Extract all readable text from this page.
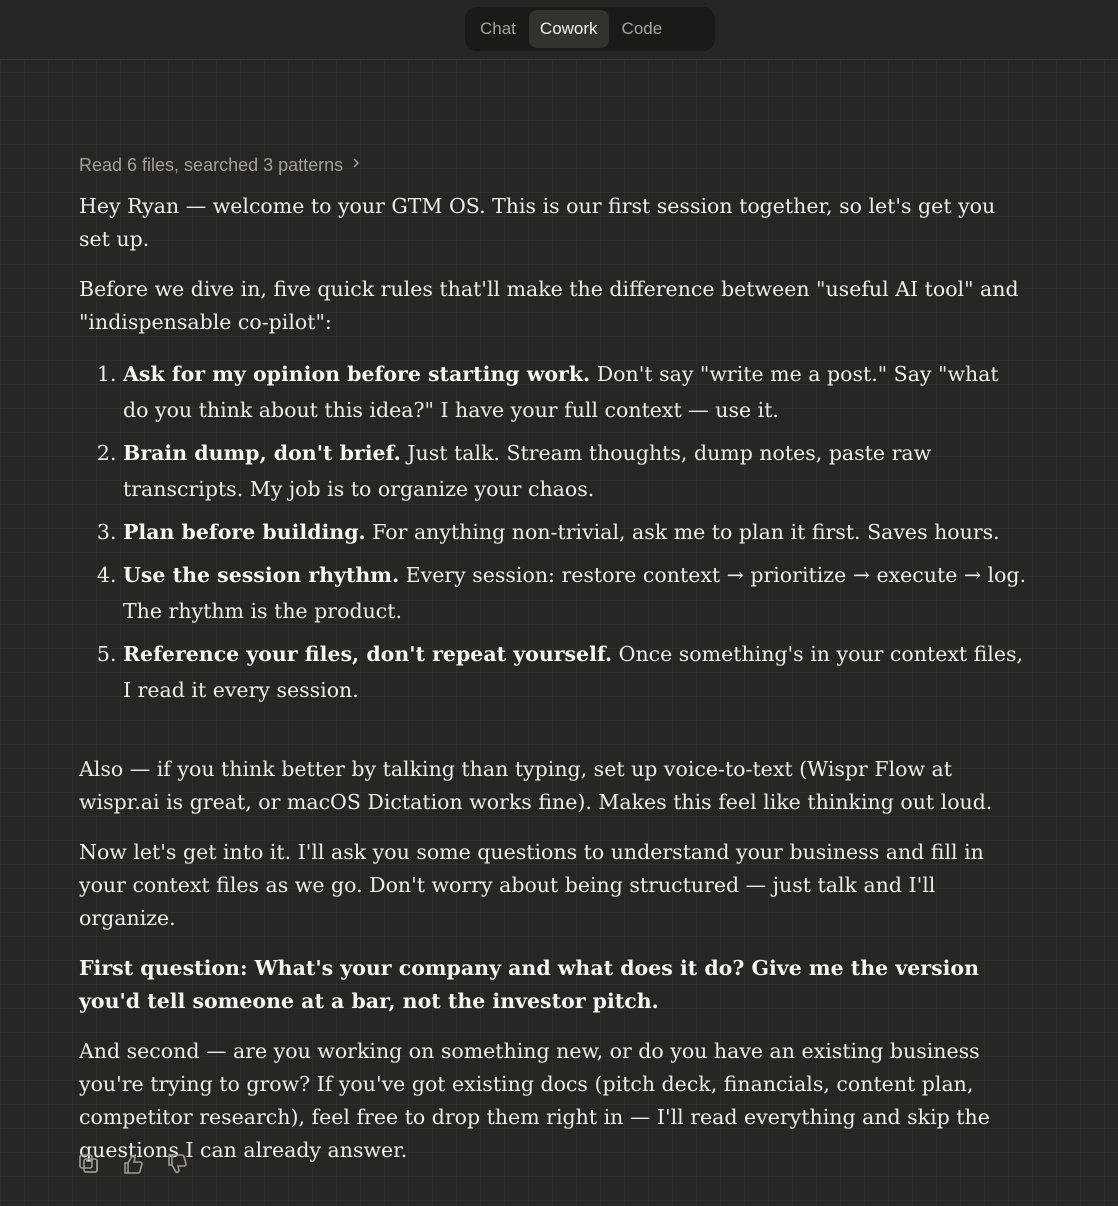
Chat	Cowork	Code
Read 6 files, searched 3 patterns

Hey Ryan — welcome to your GTM OS. This is our first session together, so let's get you set up.

Before we dive in, five quick rules that'll make the difference between "useful AI tool" and "indispensable co-pilot":

1. Ask for my opinion before starting work. Don't say "write me a post." Say "what do you think about this idea?" I have your full context — use it.
2. Brain dump, don't brief. Just talk. Stream thoughts, dump notes, paste raw transcripts. My job is to organize your chaos.
3. Plan before building. For anything non-trivial, ask me to plan it first. Saves hours.
4. Use the session rhythm. Every session: restore context → prioritize → execute → log. The rhythm is the product.
5. Reference your files, don't repeat yourself. Once something's in your context files, I read it every session.

Also — if you think better by talking than typing, set up voice-to-text (Wispr Flow at wispr.ai is great, or macOS Dictation works fine). Makes this feel like thinking out loud.

Now let's get into it. I'll ask you some questions to understand your business and fill in your context files as we go. Don't worry about being structured — just talk and I'll organize.

First question: What's your company and what does it do? Give me the version you'd tell someone at a bar, not the investor pitch.

And second — are you working on something new, or do you have an existing business you're trying to grow? If you've got existing docs (pitch deck, financials, content plan, competitor research), feel free to drop them right in — I'll read everything and skip the questions I can already answer.
